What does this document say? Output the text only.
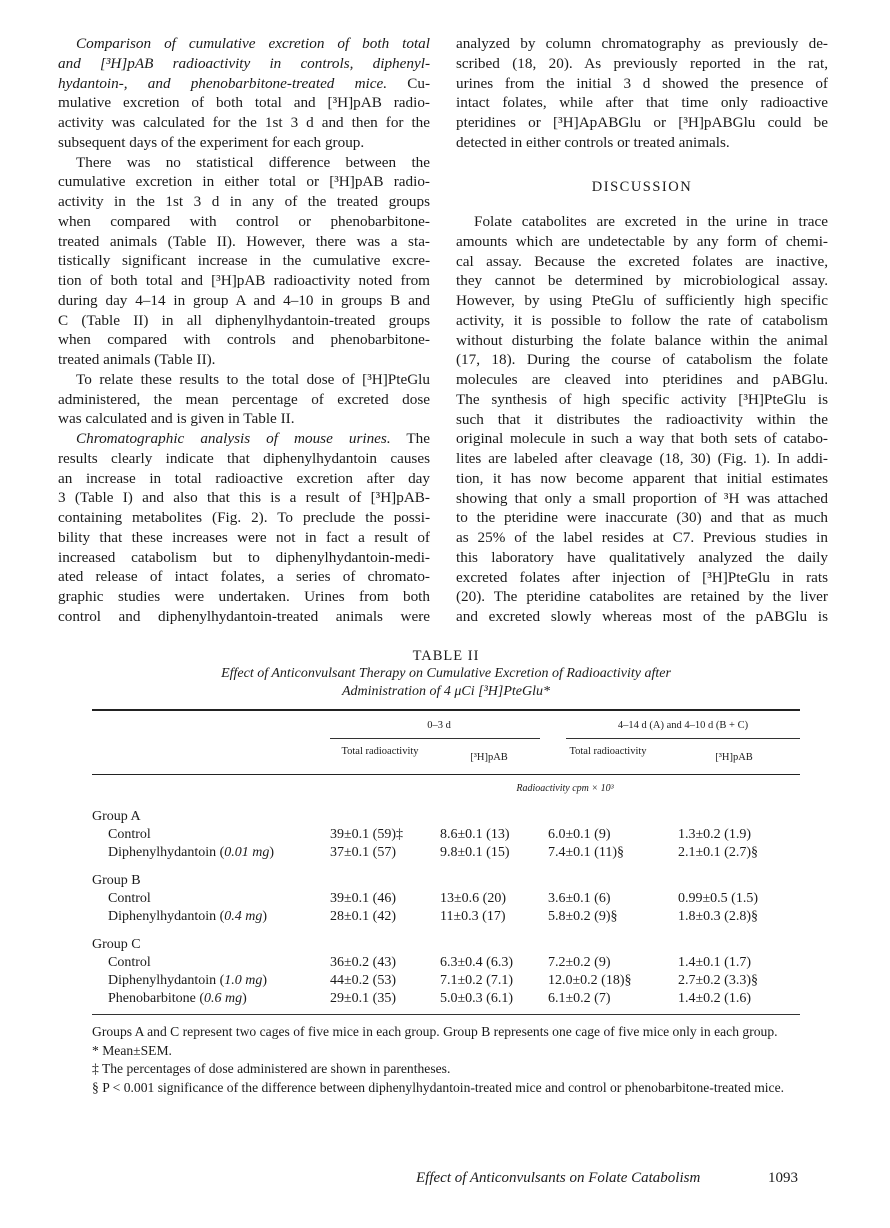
Comparison of cumulative excretion of both total
and [³H]pAB radioactivity in controls, diphenyl-
hydantoin-, and phenobarbitone-treated mice. Cu-
mulative excretion of both total and [³H]pAB radio-
activity was calculated for the 1st 3 d and then for the
subsequent days of the experiment for each group.
There was no statistical difference between the
cumulative excretion in either total or [³H]pAB radio-
activity in the 1st 3 d in any of the treated groups
when compared with control or phenobarbitone-
treated animals (Table II). However, there was a sta-
tistically significant increase in the cumulative excre-
tion of both total and [³H]pAB radioactivity noted from
during day 4–14 in group A and 4–10 in groups B and
C (Table II) in all diphenylhydantoin-treated groups
when compared with controls and phenobarbitone-
treated animals (Table II).
To relate these results to the total dose of [³H]PteGlu
administered, the mean percentage of excreted dose
was calculated and is given in Table II.
Chromatographic analysis of mouse urines. The
results clearly indicate that diphenylhydantoin causes
an increase in total radioactive excretion after day
3 (Table I) and also that this is a result of [³H]pAB-
containing metabolites (Fig. 2). To preclude the possi-
bility that these increases were not in fact a result of
increased catabolism but to diphenylhydantoin-medi-
ated release of intact folates, a series of chromato-
graphic studies were undertaken. Urines from both
control and diphenylhydantoin-treated animals were
analyzed by column chromatography as previously de-
scribed (18, 20). As previously reported in the rat,
urines from the initial 3 d showed the presence of
intact folates, while after that time only radioactive
pteridines or [³H]ApABGlu or [³H]pABGlu could be
detected in either controls or treated animals.
DISCUSSION
Folate catabolites are excreted in the urine in trace
amounts which are undetectable by any form of chemi-
cal assay. Because the excreted folates are inactive,
they cannot be determined by microbiological assay.
However, by using PteGlu of sufficiently high specific
activity, it is possible to follow the rate of catabolism
without disturbing the folate balance within the animal
(17, 18). During the course of catabolism the folate
molecules are cleaved into pteridines and pABGlu.
The synthesis of high specific activity [³H]PteGlu is
such that it distributes the radioactivity within the
original molecule in such a way that both sets of catabo-
lites are labeled after cleavage (18, 30) (Fig. 1). In addi-
tion, it has now become apparent that initial estimates
showing that only a small proportion of ³H was attached
to the pteridine were inaccurate (30) and that as much
as 25% of the label resides at C7. Previous studies in
this laboratory have qualitatively analyzed the daily
excreted folates after injection of [³H]PteGlu in rats
(20). The pteridine catabolites are retained by the liver
and excreted slowly whereas most of the pABGlu is
TABLE II
Effect of Anticonvulsant Therapy on Cumulative Excretion of Radioactivity after
Administration of 4 μCi [³H]PteGlu*

	0–3 d		4–14 d (A) and 4–10 d (B + C)	

	Total radioactivity	[³H]pAB	Total radioactivity	[³H]pAB

	Radioactivity cpm × 10³			
Group A				
Control	39±0.1 (59)‡	8.6±0.1 (13)	6.0±0.1 (9)	1.3±0.2 (1.9)
Diphenylhydantoin (0.01 mg)	37±0.1 (57)	9.8±0.1 (15)	7.4±0.1 (11)§	2.1±0.1 (2.7)§
Group B				
Control	39±0.1 (46)	13±0.6 (20)	3.6±0.1 (6)	0.99±0.5 (1.5)
Diphenylhydantoin (0.4 mg)	28±0.1 (42)	11±0.3 (17)	5.8±0.2 (9)§	1.8±0.3 (2.8)§
Group C				
Control	36±0.2 (43)	6.3±0.4 (6.3)	7.2±0.2 (9)	1.4±0.1 (1.7)
Diphenylhydantoin (1.0 mg)	44±0.2 (53)	7.1±0.2 (7.1)	12.0±0.2 (18)§	2.7±0.2 (3.3)§
Phenobarbitone (0.6 mg)	29±0.1 (35)	5.0±0.3 (6.1)	6.1±0.2 (7)	1.4±0.2 (1.6)

Groups A and C represent two cages of five mice in each group. Group B represents one cage of five mice only in each group.
* Mean±SEM.
‡ The percentages of dose administered are shown in parentheses.
§ P < 0.001 significance of the difference between diphenylhydantoin-treated mice and control or phenobarbitone-treated mice.
Effect of Anticonvulsants on Folate Catabolism	1093
